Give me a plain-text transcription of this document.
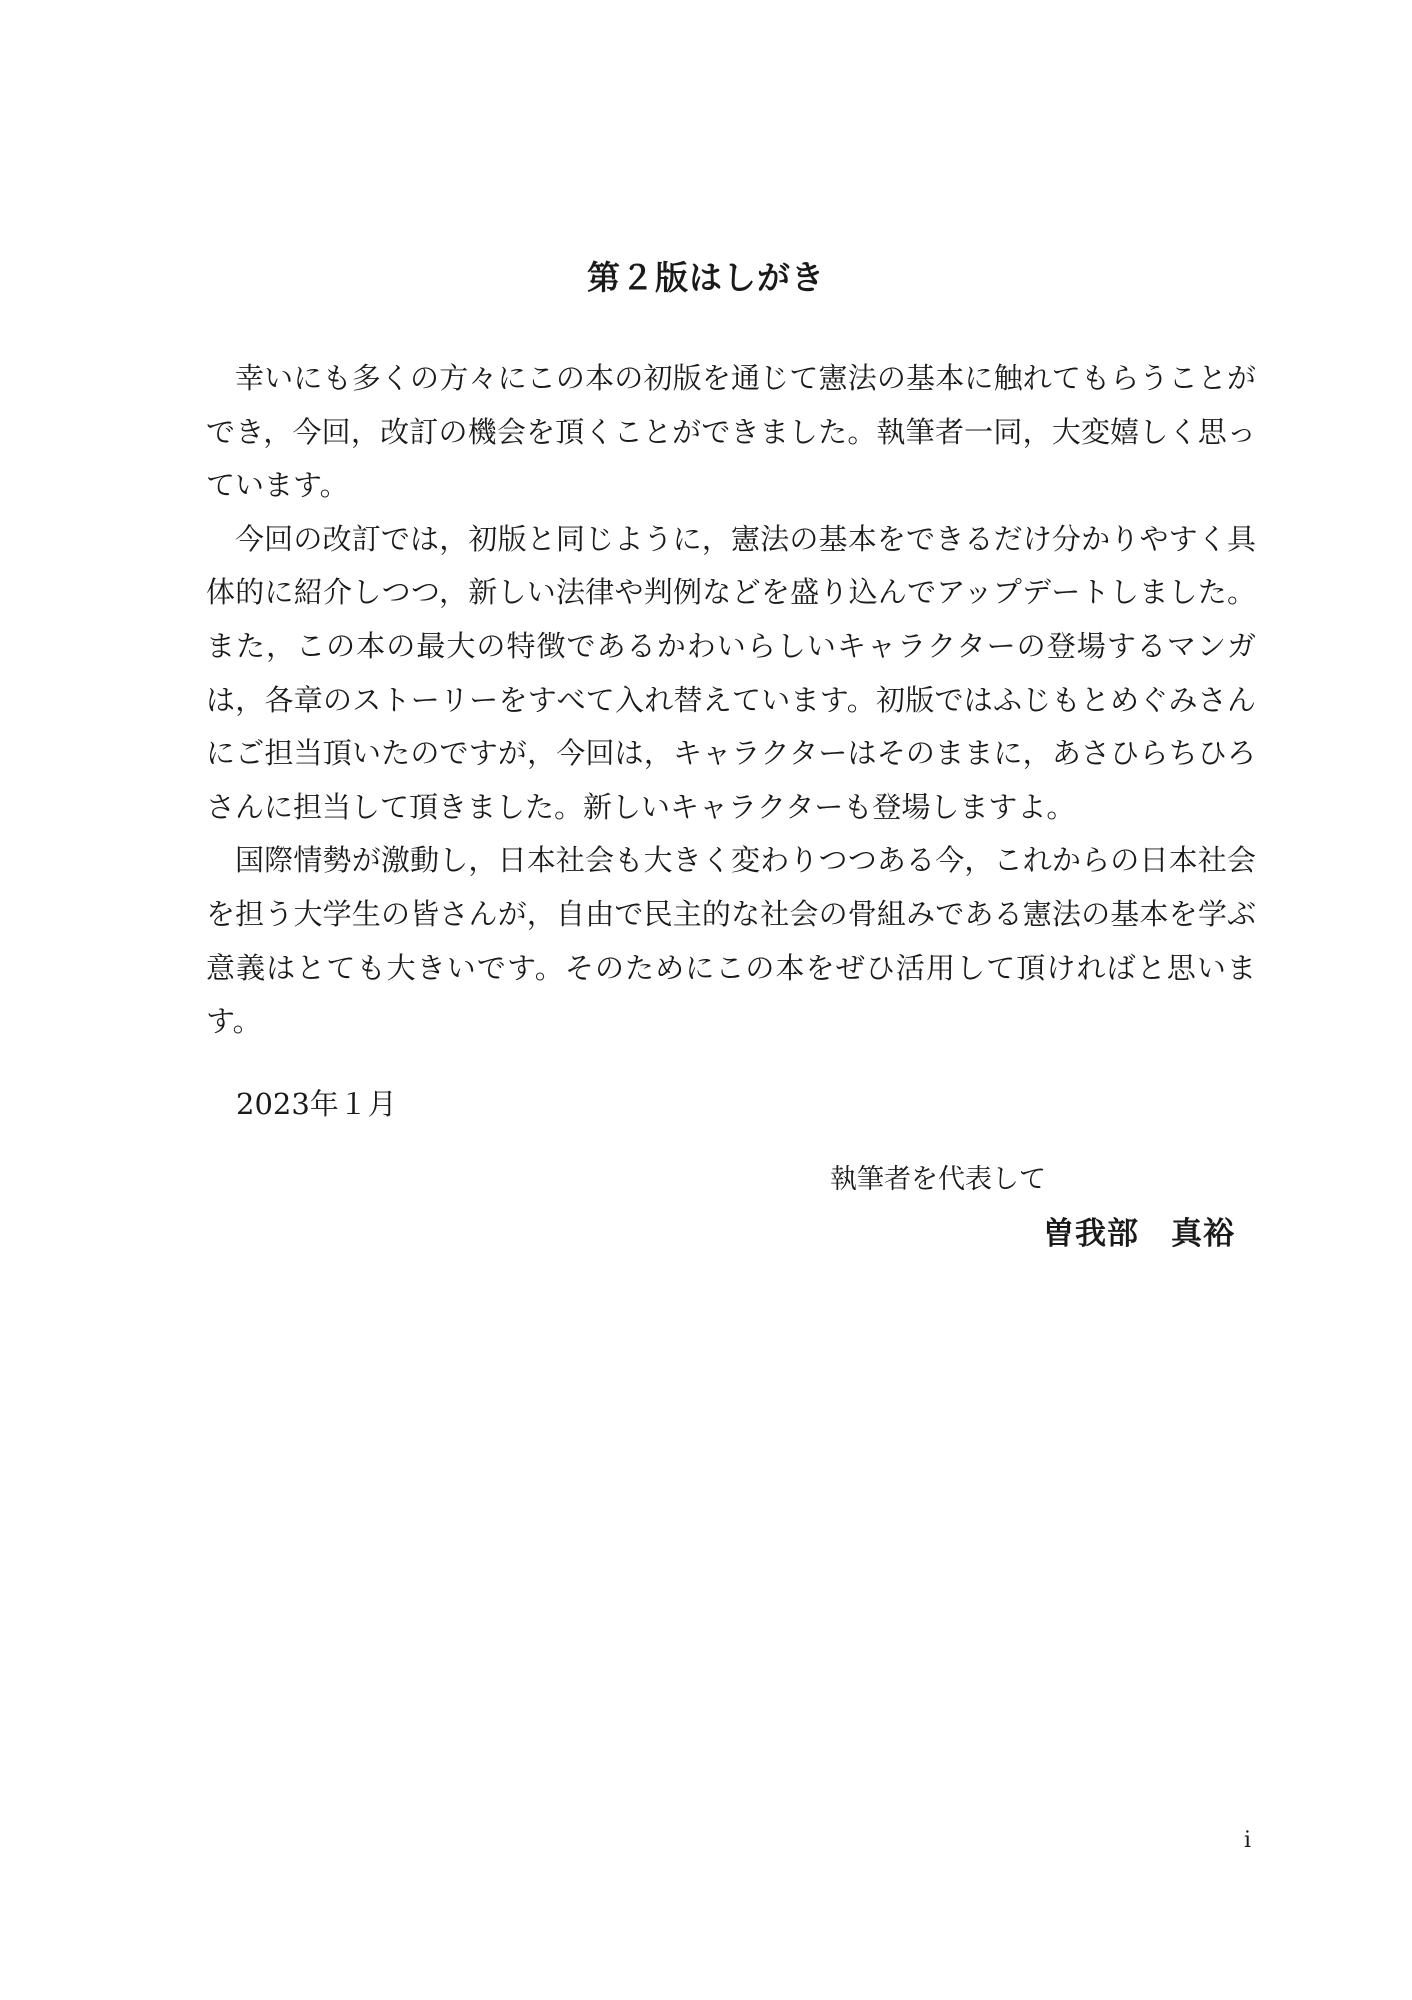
第２版はしがき

幸いにも多くの方々にこの本の初版を通じて憲法の基本に触れてもらうことができ，今回，改訂の機会を頂くことができました。執筆者一同，大変嬉しく思っています。

今回の改訂では，初版と同じように，憲法の基本をできるだけ分かりやすく具体的に紹介しつつ，新しい法律や判例などを盛り込んでアップデートしました。また，この本の最大の特徴であるかわいらしいキャラクターの登場するマンガは，各章のストーリーをすべて入れ替えています。初版ではふじもとめぐみさんにご担当頂いたのですが，今回は，キャラクターはそのままに，あさひらちひろさんに担当して頂きました。新しいキャラクターも登場しますよ。

国際情勢が激動し，日本社会も大きく変わりつつある今，これからの日本社会を担う大学生の皆さんが，自由で民主的な社会の骨組みである憲法の基本を学ぶ意義はとても大きいです。そのためにこの本をぜひ活用して頂ければと思います。

2023年１月
執筆者を代表して
曽我部　真裕
i
